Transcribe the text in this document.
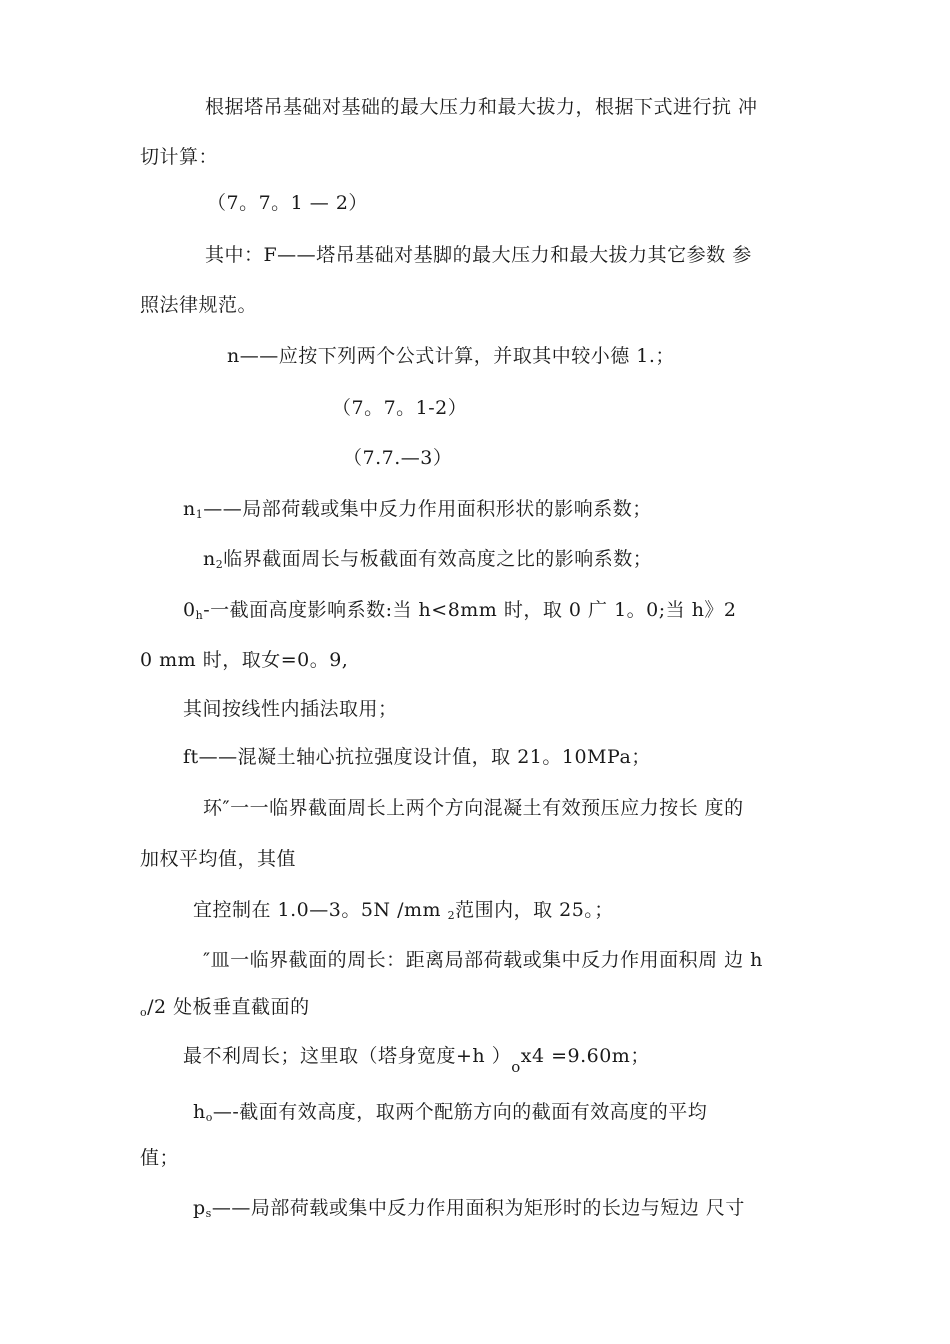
根据塔吊基础对基础的最大压力和最大拔力，根据下式进行抗 冲
切计算：
（7。7。1 — 2）
其中：F——塔吊基础对基脚的最大压力和最大拔力其它参数 参
照法律规范。
n——应按下列两个公式计算，并取其中较小德 1.；
（7。7。1-2）
（7.7.—3）
$n_1——$局部荷载或集中反力作用面积形状的影响系数；
$n_2$临界截面周长与板截面有效高度之比的影响系数；
$0_h-$一截面高度影响系数:当 h<8mm 时，取 0 广 1。0;当 h》2
0 mm 时，取女=0。9,
其间按线性内插法取用；
ft——混凝土轴心抗拉强度设计值，取 21。10MPa；
环″一一临界截面周长上两个方向混凝土有效预压应力按长 度的
加权平均值，其值
宜控制在 1.0—3。5N /mm $_2$范围内，取 25。；
″皿一临界截面的周长：距离局部荷载或集中反力作用面积周 边 h
$_o$/2 处板垂直截面的
最不利周长；这里取（塔身宽度+h ）$_ox4 =9.60m$；
$h_o—-$截面有效高度，取两个配筋方向的截面有效高度的平均
值；
$p_s——$局部荷载或集中反力作用面积为矩形时的长边与短边 尺寸
